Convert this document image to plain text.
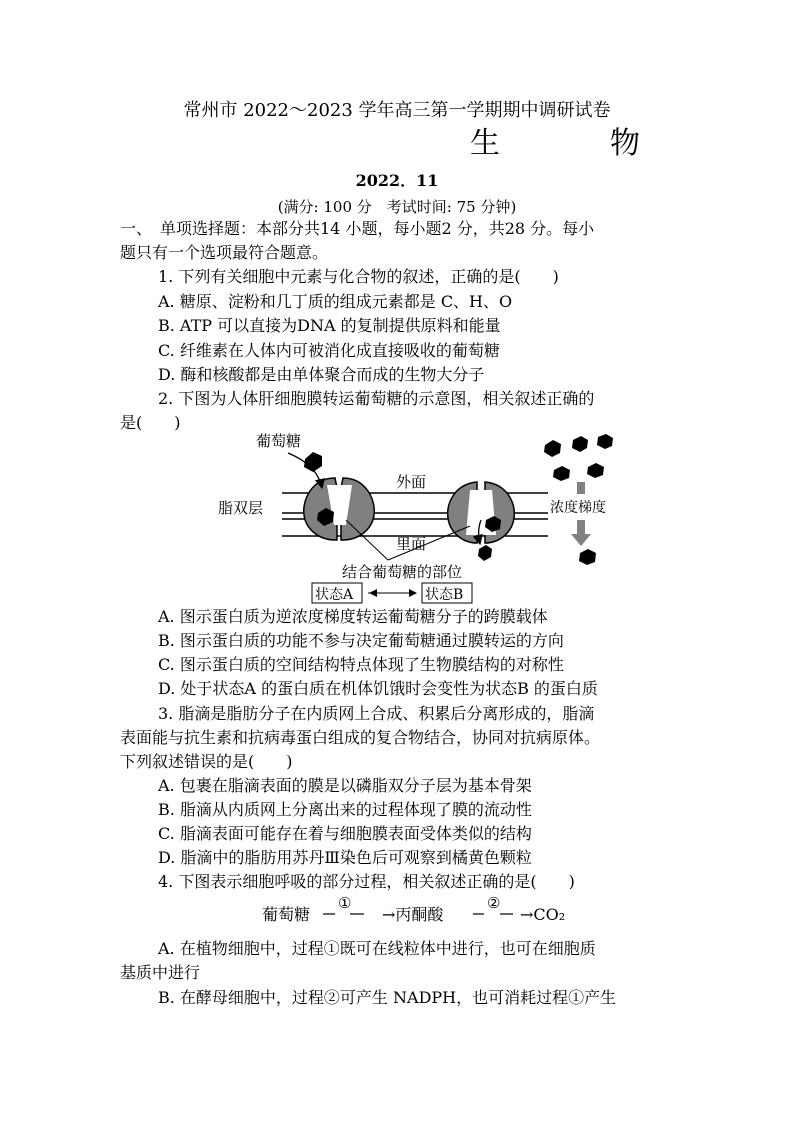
常州市 2022～2023 学年高三第一学期期中调研试卷
生　物
2022．11
(满分: 100 分　考试时间: 75 分钟)
一、　单项选择题：本部分共14 小题，每小题2 分，共28 分。每小
题只有一个选项最符合题意。
1. 下列有关细胞中元素与化合物的叙述，正确的是(　　)
A. 糖原、淀粉和几丁质的组成元素都是 C、H、O
B. ATP 可以直接为DNA 的复制提供原料和能量
C. 纤维素在人体内可被消化成直接吸收的葡萄糖
D. 酶和核酸都是由单体聚合而成的生物大分子
2. 下图为人体肝细胞膜转运葡萄糖的示意图，相关叙述正确的
是(　　)
葡萄糖
外面
脂双层
里面
浓度梯度
结合葡萄糖的部位
状态A	状态B
A. 图示蛋白质为逆浓度梯度转运葡萄糖分子的跨膜载体
B. 图示蛋白质的功能不参与决定葡萄糖通过膜转运的方向
C. 图示蛋白质的空间结构特点体现了生物膜结构的对称性
D. 处于状态A 的蛋白质在机体饥饿时会变性为状态B 的蛋白质
3. 脂滴是脂肪分子在内质网上合成、积累后分离形成的，脂滴
表面能与抗生素和抗病毒蛋白组成的复合物结合，协同对抗病原体。
下列叙述错误的是(　　)
A. 包裹在脂滴表面的膜是以磷脂双分子层为基本骨架
B. 脂滴从内质网上分离出来的过程体现了膜的流动性
C. 脂滴表面可能存在着与细胞膜表面受体类似的结构
D. 脂滴中的脂肪用苏丹Ⅲ染色后可观察到橘黄色颗粒
4. 下图表示细胞呼吸的部分过程，相关叙述正确的是(　　)
葡萄糖
①
→丙酮酸
②
→CO₂
A. 在植物细胞中，过程①既可在线粒体中进行，也可在细胞质
基质中进行
B. 在酵母细胞中，过程②可产生 NADPH，也可消耗过程①产生
